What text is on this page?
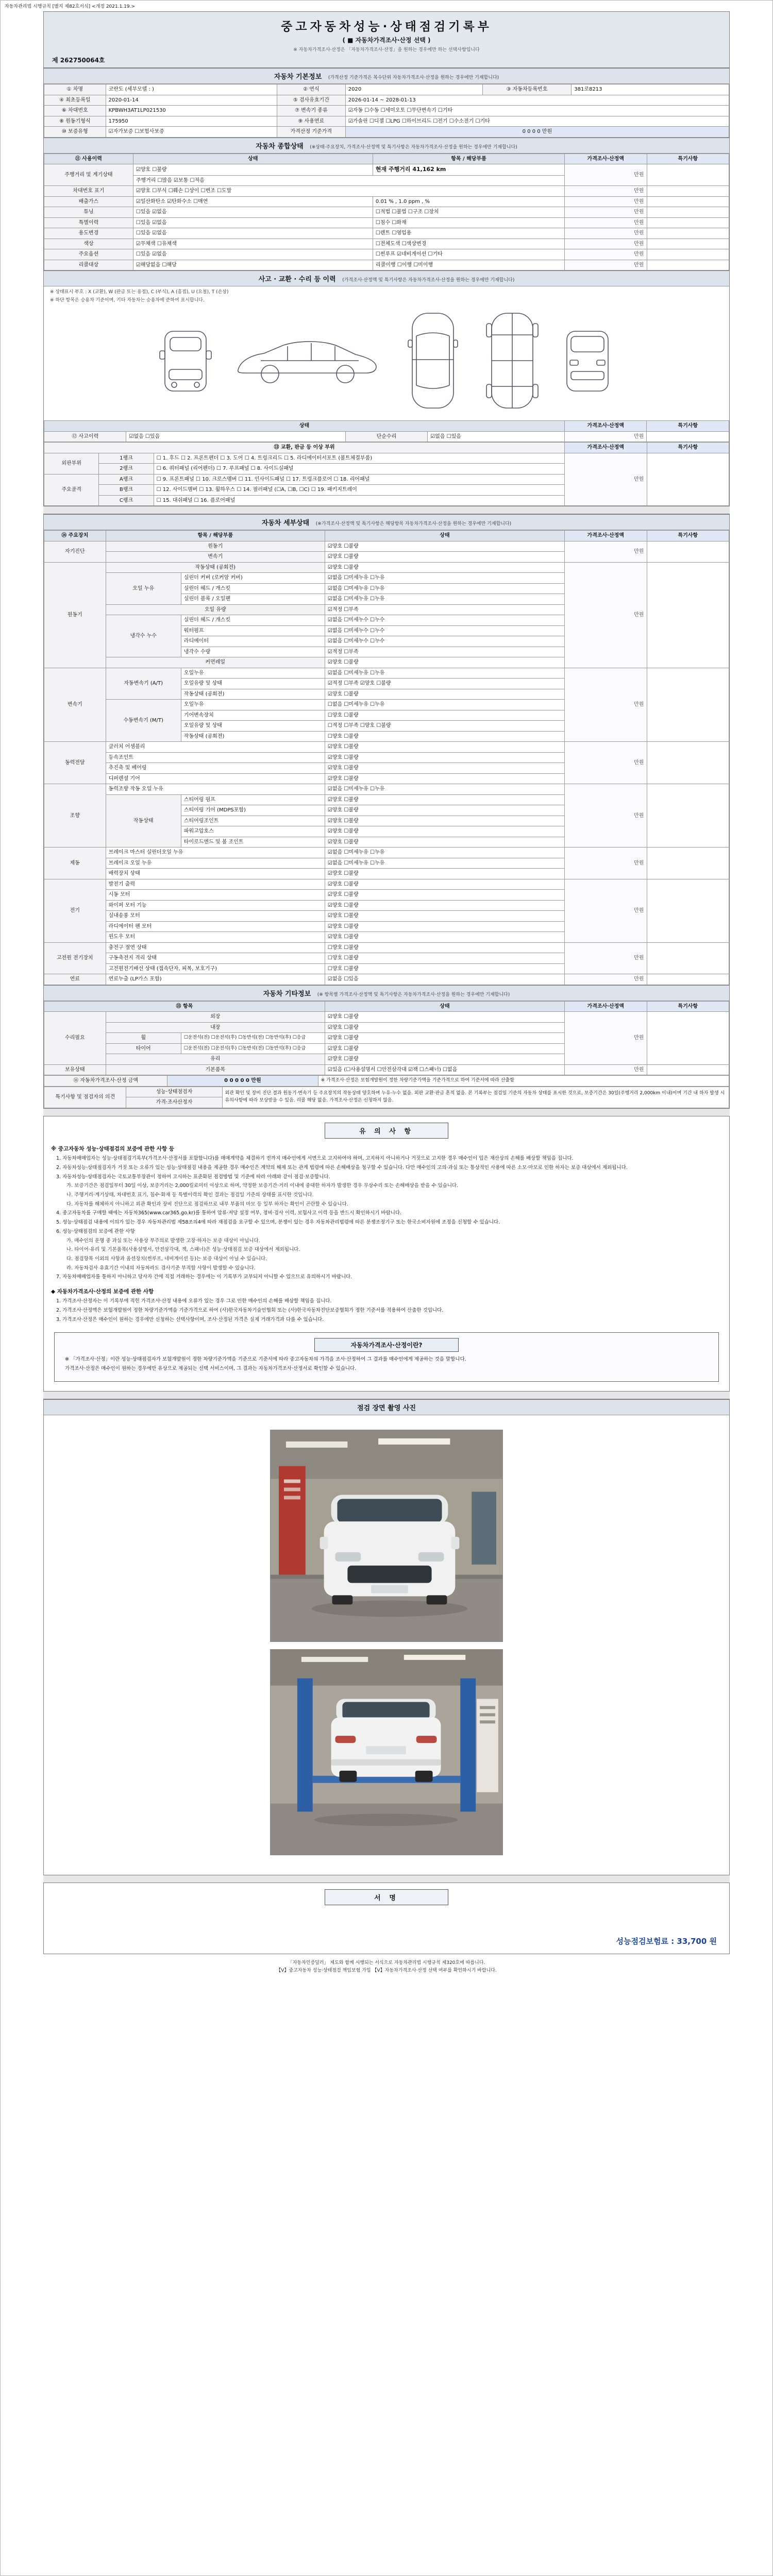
자동차관리법 시행규칙 [별지 제82호서식] <개정 2021.1.19.>
중고자동차성능·상태점검기록부
( ■ 자동차가격조사·산정 선택 )
※ 자동차가격조사·산정은 「자동차가격조사·산정」을 원하는 경우에만 하는 선택사항입니다
제 262750064호
자동차 기본정보 (가격산정 기준가격은 복수단위 자동차가격조사·산정을 원하는 경우에만 기재합니다)
① 차명	코란도 (세부모델 : )	② 연식	2020	③ 자동차등록번호	381로8213
④ 최초등록일	2020-01-14	⑤ 검사유효기간	2026-01-14 ~ 2028-01-13		
⑥ 차대번호	KPBWH3AT1LP021530	⑦ 변속기 종류	☑자동 ☐수동 ☐세미오토 ☐무단변속기 ☐기타		
⑧ 원동기형식	175950	⑨ 사용연료	☑가솔린 ☐디젤 ☐LPG ☐하이브리드 ☐전기 ☐수소전기 ☐기타		
⑩ 보증유형	☑자가보증 ☐보험사보증	가격산정 기준가격	0 0 0 0 만원		
자동차 종합상태 (※상태·주요장치, 가격조사·산정액 및 특기사항은 자동차가격조사·산정을 원하는 경우에만 기재합니다)
⑪ 사용이력	상태	항목 / 해당부품	가격조사·산정액	특기사항
주행거리 및 계기상태	☑양호 ☐불량	현재 주행거리 41,162 km	만원	
	주행거리 ☐많음 ☑보통 ☐적음			
차대번호 표기	☑양호 ☐부식 ☐훼손 ☐상이 ☐변조 ☐도말		만원	
배출가스	☑일산화탄소 ☑탄화수소 ☐매연	0.01 % , 1.0 ppm , %	만원	
튜닝	☐있음 ☑없음	☐적법 ☐불법 ☐구조 ☐장치	만원	
특별이력	☐있음 ☑없음	☐침수 ☐화재	만원	
용도변경	☐있음 ☑없음	☐렌트 ☐영업용	만원	
색상	☑무채색 ☐유채색	☐전체도색 ☐색상변경	만원	
주요옵션	☐있음 ☑없음	☐썬루프 ☑네비게이션 ☐기타	만원	
리콜대상	☑해당없음 ☐해당	리콜이행 ☐이행 ☐미이행	만원	
사고 · 교환 · 수리 등 이력 (가격조사·산정액 및 특기사항은 자동차가격조사·산정을 원하는 경우에만 기재합니다)
※ 상태표시 부호 : X (교환), W (판금 또는 용접), C (부식), A (흠집), U (요철), T (손상)
※ 하단 항목은 승용차 기준이며, 기타 자동차는 승용차에 준하여 표시합니다.
상태				가격조사·산정액	특기사항
⑫ 사고이력	☑없음 ☐있음	단순수리	☑없음 ☐있음	만원	
⑬ 교환, 판금 등 이상 부위			가격조사·산정액	특기사항
외판부위	1랭크	☐ 1. 후드 ☐ 2. 프론트펜더 ☐ 3. 도어 ☐ 4. 트렁크리드 ☐ 5. 라디에이터서포트 (볼트체결부품)	만원	
	2랭크	☐ 6. 쿼터패널 (리어펜더) ☐ 7. 루프패널 ☐ 8. 사이드실패널		
주요골격	A랭크	☐ 9. 프론트패널 ☐ 10. 크로스멤버 ☐ 11. 인사이드패널 ☐ 17. 트렁크플로어 ☐ 18. 리어패널		
	B랭크	☐ 12. 사이드멤버 ☐ 13. 휠하우스 ☐ 14. 필러패널 (☐A, ☐B, ☐C) ☐ 19. 패키지트레이		
	C랭크	☐ 15. 대쉬패널 ☐ 16. 플로어패널		
자동차 세부상태 (※가격조사·산정액 및 특기사항은 해당항목 자동차가격조사·산정을 원하는 경우에만 기재합니다)
⑭ 주요장치	항목 / 해당부품		상태	가격조사·산정액	특기사항
자기진단	원동기		☑양호 ☐불량	만원	
	변속기		☑양호 ☐불량		
원동기	작동상태 (공회전)		☑양호 ☐불량	만원	
	오일 누유	실린더 커버 (로커암 커버)	☑없음 ☐미세누유 ☐누유		
		실린더 헤드 / 개스킷	☑없음 ☐미세누유 ☐누유		
		실린더 블록 / 오일팬	☑없음 ☐미세누유 ☐누유		
	오일 유량		☑적정 ☐부족		
	냉각수 누수	실린더 헤드 / 개스킷	☑없음 ☐미세누수 ☐누수		
		워터펌프	☑없음 ☐미세누수 ☐누수		
		라디에이터	☑없음 ☐미세누수 ☐누수		
		냉각수 수량	☑적정 ☐부족		
	커먼레일		☑양호 ☐불량		
변속기	자동변속기 (A/T)	오일누유	☑없음 ☐미세누유 ☐누유	만원	
		오일유량 및 상태	☑적정 ☐부족 ☑양호 ☐불량		
		작동상태 (공회전)	☑양호 ☐불량		
	수동변속기 (M/T)	오일누유	☐없음 ☐미세누유 ☐누유		
		기어변속장치	☐양호 ☐불량		
		오일유량 및 상태	☐적정 ☐부족 ☐양호 ☐불량		
		작동상태 (공회전)	☐양호 ☐불량		
동력전달	클러치 어셈블리		☑양호 ☐불량	만원	
	등속조인트		☑양호 ☐불량		
	추진축 및 베어링		☑양호 ☐불량		
	디퍼렌셜 기어		☑양호 ☐불량		
조향	동력조향 작동 오일 누유		☑없음 ☐미세누유 ☐누유	만원	
	작동상태	스티어링 펌프	☑양호 ☐불량		
		스티어링 기어 (MDPS포함)	☑양호 ☐불량		
		스티어링조인트	☑양호 ☐불량		
		파워고압호스	☑양호 ☐불량		
		타이로드엔드 및 볼 조인트	☑양호 ☐불량		
제동	브레이크 마스터 실린더오일 누유		☑없음 ☐미세누유 ☐누유	만원	
	브레이크 오일 누유		☑없음 ☐미세누유 ☐누유		
	배력장치 상태		☑양호 ☐불량		
전기	발전기 출력		☑양호 ☐불량	만원	
	시동 모터		☑양호 ☐불량		
	와이퍼 모터 기능		☑양호 ☐불량		
	실내송풍 모터		☑양호 ☐불량		
	라디에이터 팬 모터		☑양호 ☐불량		
	윈도우 모터		☑양호 ☐불량		
고전원 전기장치	충전구 절연 상태		☐양호 ☐불량	만원	
	구동축전지 격리 상태		☐양호 ☐불량		
	고전원전기배선 상태 (접속단자, 피복, 보호기구)		☐양호 ☐불량		
연료	연료누출 (LP가스 포함)		☑없음 ☐있음	만원	
자동차 기타정보 (※ 항목별 가격조사·산정액 및 특기사항은 자동차가격조사·산정을 원하는 경우에만 기재합니다)
⑮ 항목			상태	가격조사·산정액	특기사항
수리필요	외장		☑양호 ☐불량	만원	
	내장		☑양호 ☐불량		
	휠	☐운전석(전) ☐운전석(후) ☐동반석(전) ☐동반석(후) ☐응급	☑양호 ☐불량		
	타이어	☐운전석(전) ☐운전석(후) ☐동반석(전) ☐동반석(후) ☐응급	☑양호 ☐불량		
	유리		☑양호 ☐불량		
보유상태	기본품목		☑있음 (☐사용설명서 ☐안전삼각대 ☑잭 ☐스패너) ☐없음	만원	
⑯ 자동차가격조사·산정 금액	0 0 0 0 0 만원	※ 가격조사·산정은 보험개발원이 정한 차량기준가액을 기준가격으로 하여 기준서에 따라 산출함
특기사항 및 점검자의 의견	성능·상태점검자	외관 확인 및 장비 진단 결과 원동기·변속기 등 주요장치의 작동상태 양호하며 누유·누수 없음. 외판 교환·판금 흔적 없음. 본 기록부는 점검일 기준의 자동차 상태를 표시한 것으로, 보증기간은 30일(주행거리 2,000km 이내)이며 기간 내 하자 발생 시 유의사항에 따라 보상받을 수 있음. 리콜 해당 없음. 가격조사·산정은 신청하지 않음.
가격·조사산정자
유 의 사 항
※ 중고자동차 성능·상태점검의 보증에 관한 사항 등
1. 자동차매매업자는 성능·상태점검기록부(가격조사·산정서를 포함합니다)를 매매계약을 체결하기 전까지 매수인에게 서면으로 고지하여야 하며, 고지하지 아니하거나 거짓으로 고지한 경우 매수인이 입은 재산상의 손해를 배상할 책임을 집니다.
2. 자동차성능·상태점검자가 거짓 또는 오류가 있는 성능·상태점검 내용을 제공한 경우 매수인은 계약의 해제 또는 관계 법령에 따른 손해배상을 청구할 수 있습니다. 다만 매수인의 고의·과실 또는 통상적인 사용에 따른 소모·마모로 인한 하자는 보증 대상에서 제외됩니다.
3. 자동차성능·상태점검자는 국토교통부장관이 정하여 고시하는 표준화된 점검방법 및 기준에 따라 아래와 같이 점검·보증합니다.
가. 보증기간은 점검일부터 30일 이상, 보증거리는 2,000킬로미터 이상으로 하며, 약정한 보증기간·거리 이내에 중대한 하자가 발생한 경우 무상수리 또는 손해배상을 받을 수 있습니다.
나. 주행거리·계기상태, 차대번호 표기, 침수·화재 등 특별이력의 확인 결과는 점검일 기준의 상태를 표시한 것입니다.
다. 자동차를 해체하지 아니하고 외관 확인과 장비 진단으로 점검하므로 내부 부품의 마모 등 일부 하자는 확인이 곤란할 수 있습니다.
4. 중고자동차를 구매할 때에는 자동차365(www.car365.go.kr)를 통하여 압류·저당 설정 여부, 정비·검사 이력, 보험사고 이력 등을 반드시 확인하시기 바랍니다.
5. 성능·상태점검 내용에 이의가 있는 경우 자동차관리법 제58조의4에 따라 재점검을 요구할 수 있으며, 분쟁이 있는 경우 자동차관리법령에 따른 분쟁조정기구 또는 한국소비자원에 조정을 신청할 수 있습니다.
6. 성능·상태점검의 보증에 관한 사항
가. 매수인의 운행 중 과실 또는 사용상 부주의로 발생한 고장·하자는 보증 대상이 아닙니다.
나. 타이어·유리 및 기본품목(사용설명서, 안전삼각대, 잭, 스패너)은 성능·상태점검 보증 대상에서 제외됩니다.
다. 점검항목 이외의 사항과 옵션장치(썬루프, 네비게이션 등)는 보증 대상이 아닐 수 있습니다.
라. 자동차검사 유효기간 이내의 자동차라도 검사기준 부적합 사항이 발생할 수 있습니다.
7. 자동차매매업자를 통하지 아니하고 당사자 간에 직접 거래하는 경우에는 이 기록부가 교부되지 아니할 수 있으므로 유의하시기 바랍니다.
◆ 자동차가격조사·산정의 보증에 관한 사항
1. 가격조사·산정자는 이 기록부에 적힌 가격조사·산정 내용에 오류가 있는 경우 그로 인한 매수인의 손해를 배상할 책임을 집니다.
2. 가격조사·산정액은 보험개발원이 정한 차량기준가액을 기준가격으로 하여 (사)한국자동차기술인협회 또는 (사)한국자동차진단보증협회가 정한 기준서를 적용하여 산출한 것입니다.
3. 가격조사·산정은 매수인이 원하는 경우에만 신청하는 선택사항이며, 조사·산정된 가격은 실제 거래가격과 다를 수 있습니다.
자동차가격조사·산정이란?

※ 「가격조사·산정」이란 성능·상태점검자가 보험개발원이 정한 차량기준가액을 기준으로 기준서에 따라 중고자동차의 가격을 조사·산정하여 그 결과를 매수인에게 제공하는 것을 말합니다.

가격조사·산정은 매수인이 원하는 경우에만 유상으로 제공되는 선택 서비스이며, 그 결과는 자동차가격조사·산정서로 확인할 수 있습니다.

점검 장면 촬영 사진
서 명
성능점검보험료 : 33,700 원
「자동차인증딜러」 제도와 함께 시행되는 서식으로 자동차관리법 시행규칙 제320호에 따릅니다.
【Ⅴ】중고자동차 성능·상태점검 책임보험 가입 【Ⅴ】자동차가격조사·산정 선택 여부를 확인하시기 바랍니다.
